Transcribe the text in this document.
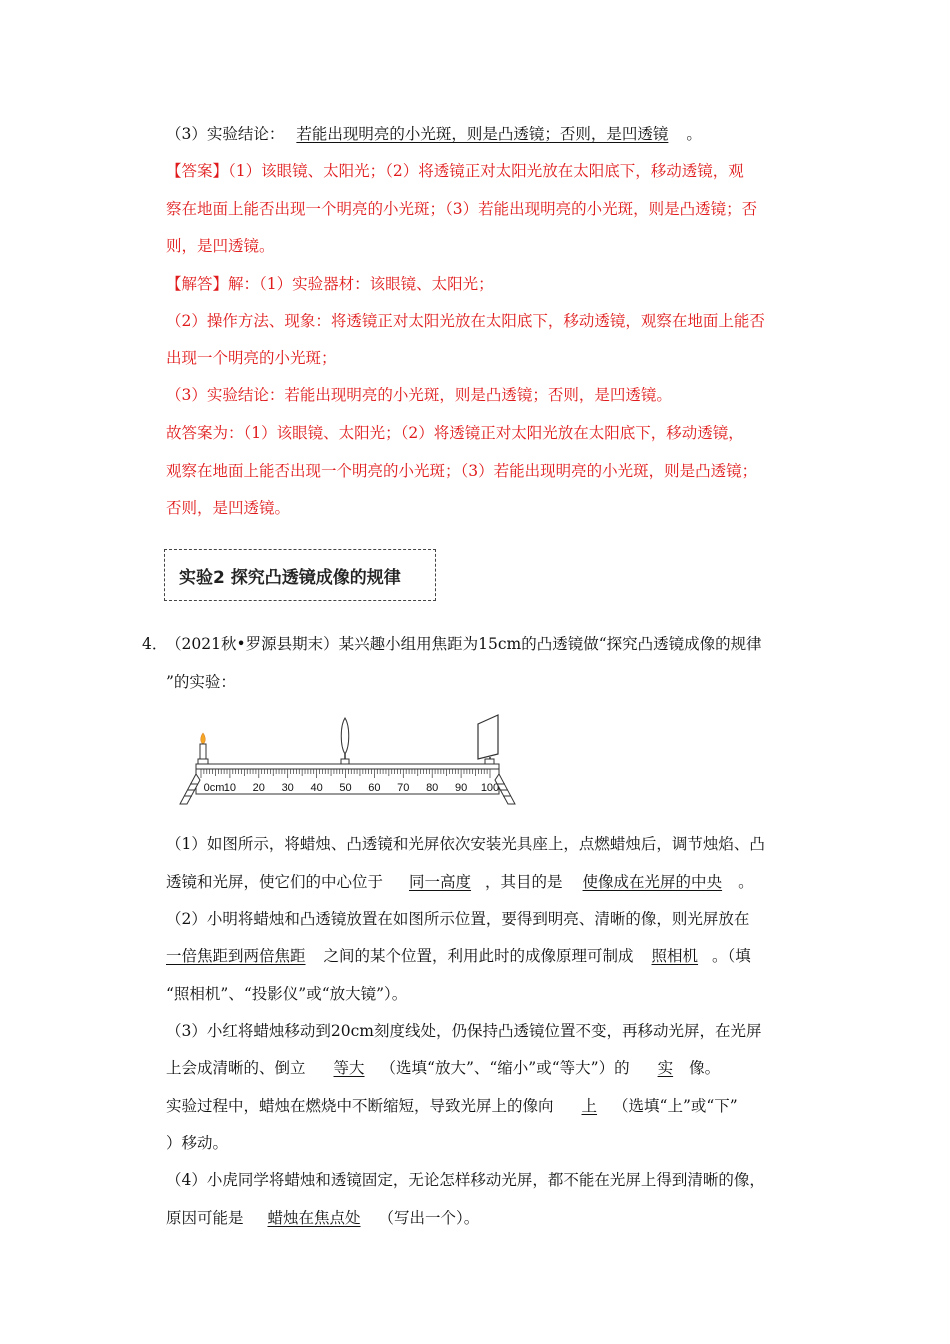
（3）实验结论： 若能出现明亮的小光斑，则是凸透镜；否则，是凹透镜 。
【答案】（1）该眼镜、太阳光；（2）将透镜正对太阳光放在太阳底下，移动透镜，观
察在地面上能否出现一个明亮的小光斑；（3）若能出现明亮的小光斑，则是凸透镜；否
则，是凹透镜。
【解答】解：（1）实验器材：该眼镜、太阳光；
（2）操作方法、现象：将透镜正对太阳光放在太阳底下，移动透镜，观察在地面上能否
出现一个明亮的小光斑；
（3）实验结论：若能出现明亮的小光斑，则是凸透镜；否则，是凹透镜。
故答案为：（1）该眼镜、太阳光；（2）将透镜正对太阳光放在太阳底下，移动透镜，
观察在地面上能否出现一个明亮的小光斑；（3）若能出现明亮的小光斑，则是凸透镜；
否则，是凹透镜。
实验2 探究凸透镜成像的规律
4．
（2021秋•罗源县期末）某兴趣小组用焦距为15cm的凸透镜做“探究凸透镜成像的规律
”的实验：
0cm 10 20 30 40 50 60 70 80 90 100
（1）如图所示，将蜡烛、凸透镜和光屏依次安装光具座上，点燃蜡烛后，调节烛焰、凸
透镜和光屏，使它们的中心位于 同一高度 ，其目的是 使像成在光屏的中央 。
（2）小明将蜡烛和凸透镜放置在如图所示位置，要得到明亮、清晰的像，则光屏放在
一倍焦距到两倍焦距 之间的某个位置，利用此时的成像原理可制成 照相机 。（填
“照相机”、“投影仪”或“放大镜”）。
（3）小红将蜡烛移动到20cm刻度线处，仍保持凸透镜位置不变，再移动光屏，在光屏
上会成清晰的、倒立 等大 （选填“放大”、“缩小”或“等大”）的 实 像。
实验过程中，蜡烛在燃烧中不断缩短，导致光屏上的像向 上 （选填“上”或“下”
）移动。
（4）小虎同学将蜡烛和透镜固定，无论怎样移动光屏，都不能在光屏上得到清晰的像，
原因可能是 蜡烛在焦点处 （写出一个）。
